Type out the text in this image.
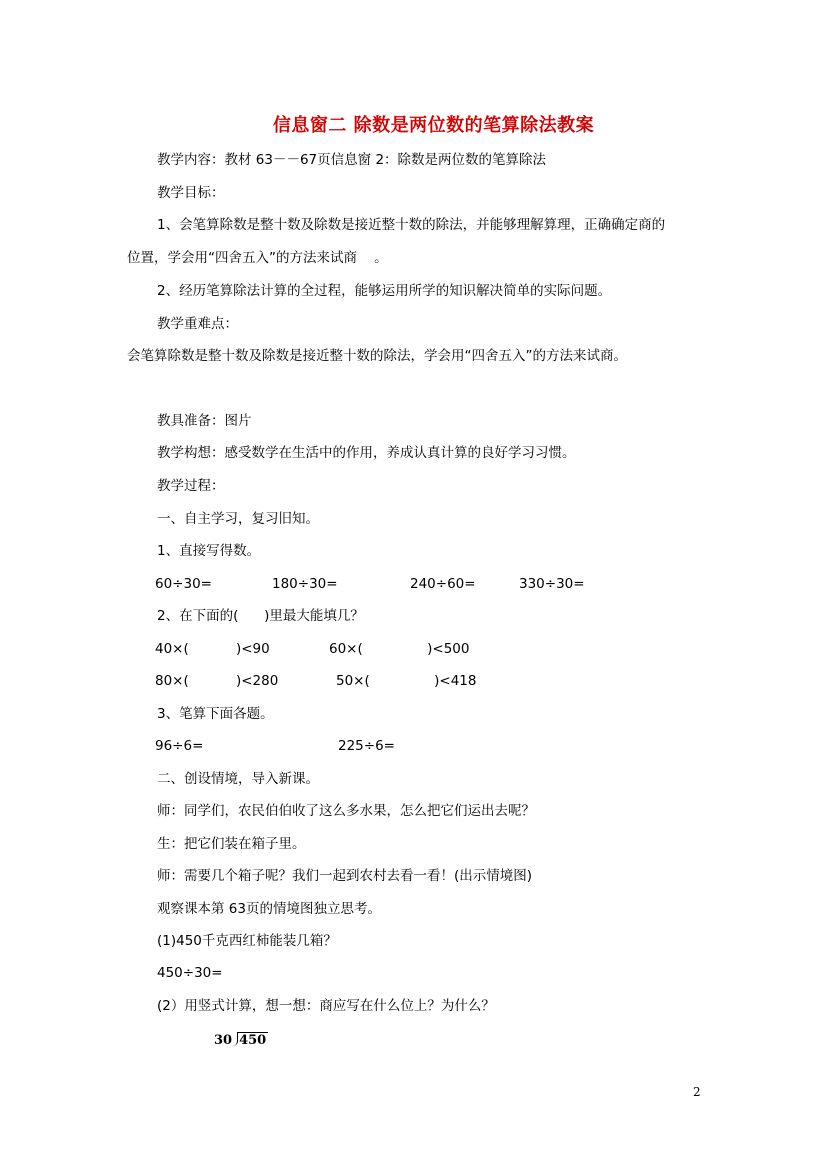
信息窗二 除数是两位数的笔算除法教案
教学内容：教材 63－－67页信息窗 2：除数是两位数的笔算除法
教学目标：
1、会笔算除数是整十数及除数是接近整十数的除法，并能够理解算理，正确确定商的
位置，学会用“四舍五入”的方法来试商    。
2、经历笔算除法计算的全过程，能够运用所学的知识解决简单的实际问题。
教学重难点：
会笔算除数是整十数及除数是接近整十数的除法，学会用“四舍五入”的方法来试商。
教具准备：图片
教学构想：感受数学在生活中的作用，养成认真计算的良好学习习惯。
教学过程：
一、自主学习，复习旧知。
1、直接写得数。
60÷30=	180÷30=	240÷60=	330÷30=
2、在下面的(      )里最大能填几？
40×(           )<90	60×(               )<500
80×(           )<280	50×(               )<418
3、笔算下面各题。
96÷6=	225÷6=
二、创设情境，导入新课。
师：同学们，农民伯伯收了这么多水果，怎么把它们运出去呢？
生：把它们装在箱子里。
师：需要几个箱子呢？我们一起到农村去看一看！(出示情境图)
观察课本第 63页的情境图独立思考。
(1)450千克西红柿能装几箱？
450÷30=
(2）用竖式计算，想一想：商应写在什么位上？为什么？
30 450
2
